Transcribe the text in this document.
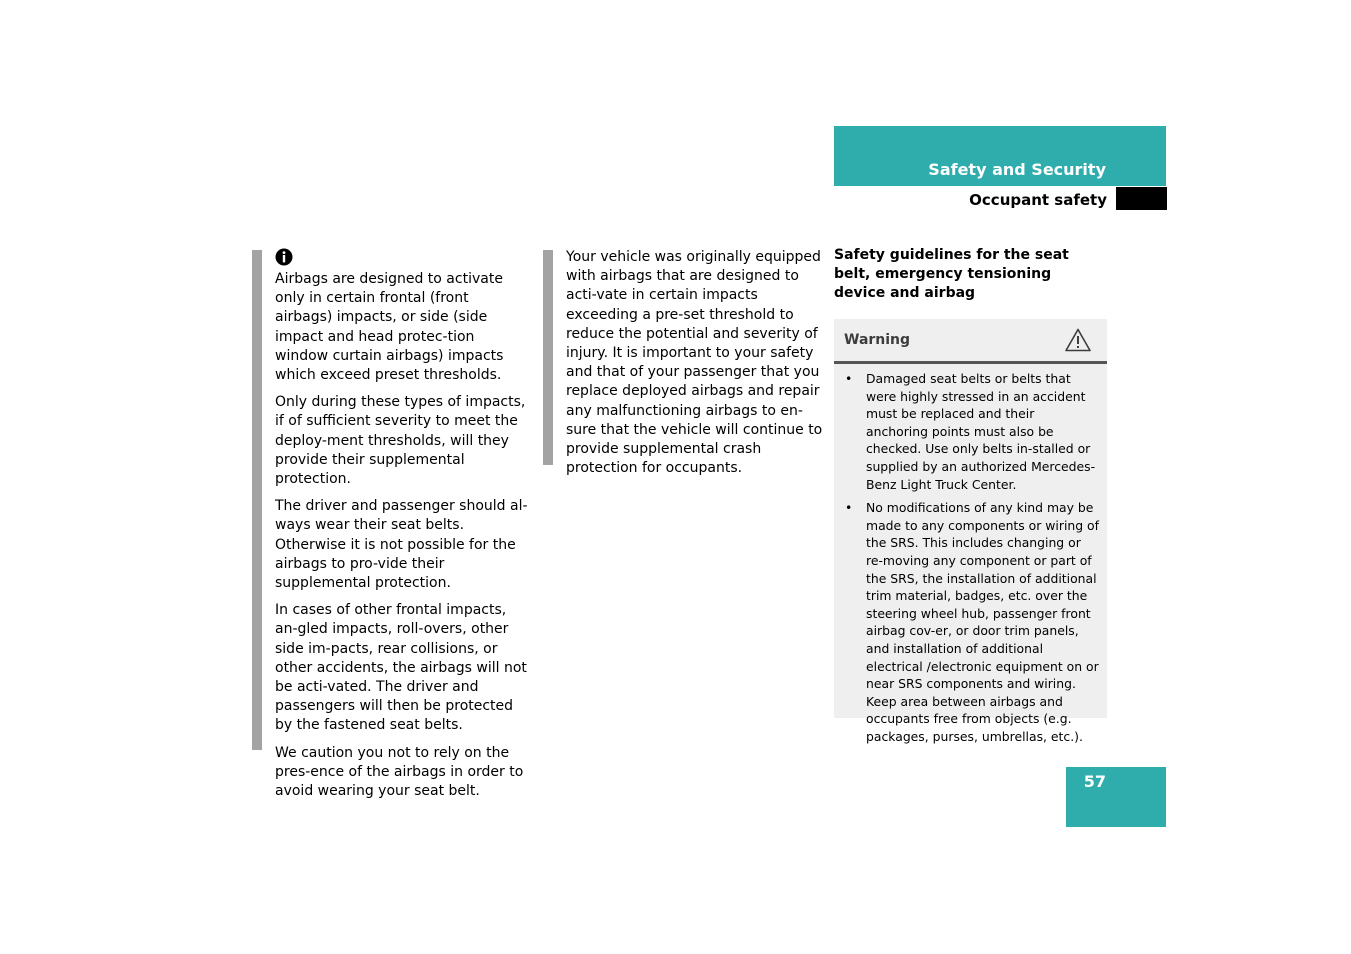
Safety and Security
Occupant safety

Airbags are designed to activate only in certain frontal (front airbags) impacts, or side (side impact and head protec-tion window curtain airbags) impacts which exceed preset thresholds.

Only during these types of impacts, if of sufficient severity to meet the deploy-ment thresholds, will they provide their supplemental protection.

The driver and passenger should al-ways wear their seat belts. Otherwise it is not possible for the airbags to pro-vide their supplemental protection.

In cases of other frontal impacts, an-gled impacts, roll-overs, other side im-pacts, rear collisions, or other accidents, the airbags will not be acti-vated. The driver and passengers will then be protected by the fastened seat belts.

We caution you not to rely on the pres-ence of the airbags in order to avoid wearing your seat belt.

Your vehicle was originally equipped with airbags that are designed to acti-vate in certain impacts exceeding a pre-set threshold to reduce the potential and severity of injury. It is important to your safety and that of your passenger that you replace deployed airbags and repair any malfunctioning airbags to en-sure that the vehicle will continue to provide supplemental crash protection for occupants.

Safety guidelines for the seat belt, emergency tensioning device and airbag
Warning
• Damaged seat belts or belts that were highly stressed in an accident must be replaced and their anchoring points must also be checked. Use only belts in-stalled or supplied by an authorized Mercedes-Benz Light Truck Center.
• No modifications of any kind may be made to any components or wiring of the SRS. This includes changing or re-moving any component or part of the SRS, the installation of additional trim material, badges, etc. over the steering wheel hub, passenger front airbag cov-er, or door trim panels, and installation of additional electrical /electronic equipment on or near SRS components and wiring. Keep area between airbags and occupants free from objects (e.g. packages, purses, umbrellas, etc.).
57
